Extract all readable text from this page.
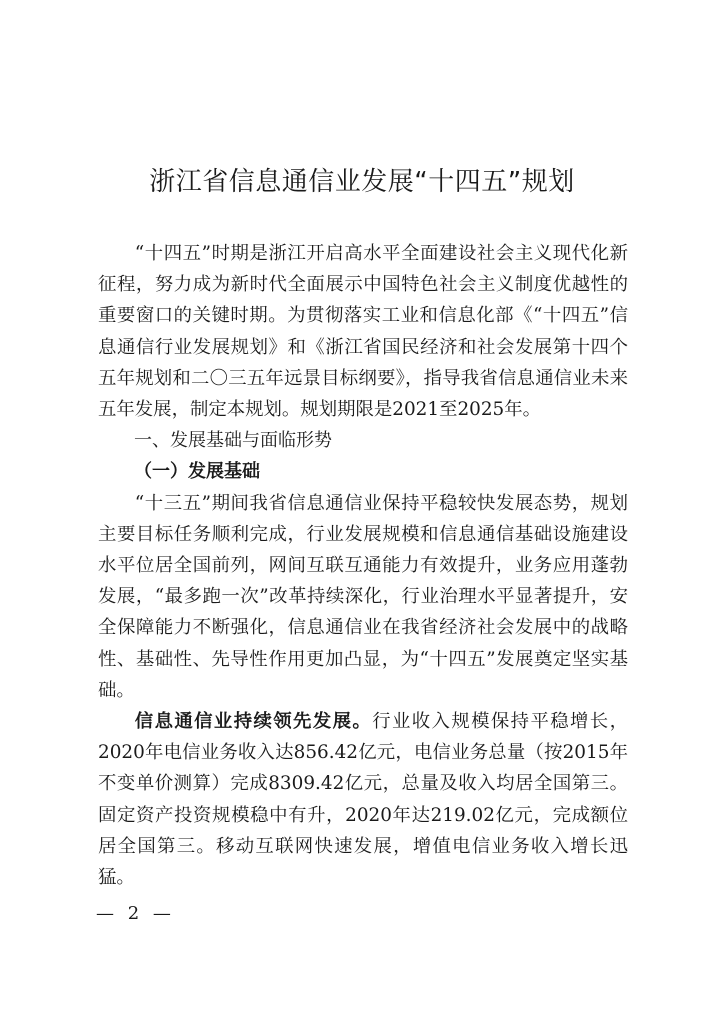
浙江省信息通信业发展“十四五”规划

“十四五”时期是浙江开启高水平全面建设社会主义现代化新征程，努力成为新时代全面展示中国特色社会主义制度优越性的重要窗口的关键时期。为贯彻落实工业和信息化部《“十四五”信息通信行业发展规划》和《浙江省国民经济和社会发展第十四个五年规划和二〇三五年远景目标纲要》，指导我省信息通信业未来五年发展，制定本规划。规划期限是2021至2025年。

一、发展基础与面临形势

（一）发展基础

“十三五”期间我省信息通信业保持平稳较快发展态势，规划主要目标任务顺利完成，行业发展规模和信息通信基础设施建设水平位居全国前列，网间互联互通能力有效提升，业务应用蓬勃发展，“最多跑一次”改革持续深化，行业治理水平显著提升，安全保障能力不断强化，信息通信业在我省经济社会发展中的战略性、基础性、先导性作用更加凸显，为“十四五”发展奠定坚实基础。

信息通信业持续领先发展。行业收入规模保持平稳增长，2020年电信业务收入达856.42亿元，电信业务总量（按2015年不变单价测算）完成8309.42亿元，总量及收入均居全国第三。固定资产投资规模稳中有升，2020年达219.02亿元，完成额位居全国第三。移动互联网快速发展，增值电信业务收入增长迅猛。

— 2 —
